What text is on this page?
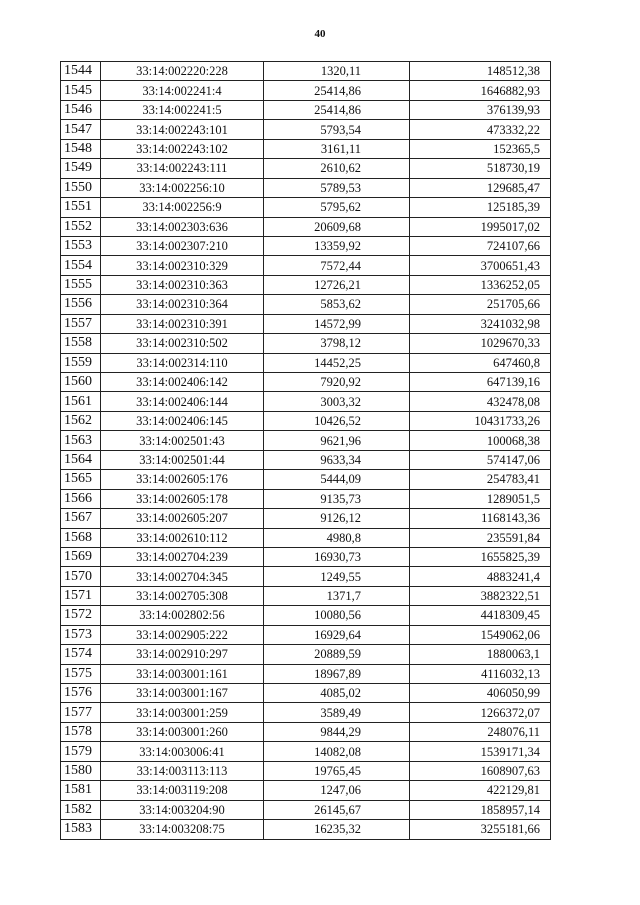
40
1544	33:14:002220:228	1320,11	148512,38
1545	33:14:002241:4	25414,86	1646882,93
1546	33:14:002241:5	25414,86	376139,93
1547	33:14:002243:101	5793,54	473332,22
1548	33:14:002243:102	3161,11	152365,5
1549	33:14:002243:111	2610,62	518730,19
1550	33:14:002256:10	5789,53	129685,47
1551	33:14:002256:9	5795,62	125185,39
1552	33:14:002303:636	20609,68	1995017,02
1553	33:14:002307:210	13359,92	724107,66
1554	33:14:002310:329	7572,44	3700651,43
1555	33:14:002310:363	12726,21	1336252,05
1556	33:14:002310:364	5853,62	251705,66
1557	33:14:002310:391	14572,99	3241032,98
1558	33:14:002310:502	3798,12	1029670,33
1559	33:14:002314:110	14452,25	647460,8
1560	33:14:002406:142	7920,92	647139,16
1561	33:14:002406:144	3003,32	432478,08
1562	33:14:002406:145	10426,52	10431733,26
1563	33:14:002501:43	9621,96	100068,38
1564	33:14:002501:44	9633,34	574147,06
1565	33:14:002605:176	5444,09	254783,41
1566	33:14:002605:178	9135,73	1289051,5
1567	33:14:002605:207	9126,12	1168143,36
1568	33:14:002610:112	4980,8	235591,84
1569	33:14:002704:239	16930,73	1655825,39
1570	33:14:002704:345	1249,55	4883241,4
1571	33:14:002705:308	1371,7	3882322,51
1572	33:14:002802:56	10080,56	4418309,45
1573	33:14:002905:222	16929,64	1549062,06
1574	33:14:002910:297	20889,59	1880063,1
1575	33:14:003001:161	18967,89	4116032,13
1576	33:14:003001:167	4085,02	406050,99
1577	33:14:003001:259	3589,49	1266372,07
1578	33:14:003001:260	9844,29	248076,11
1579	33:14:003006:41	14082,08	1539171,34
1580	33:14:003113:113	19765,45	1608907,63
1581	33:14:003119:208	1247,06	422129,81
1582	33:14:003204:90	26145,67	1858957,14
1583	33:14:003208:75	16235,32	3255181,66
